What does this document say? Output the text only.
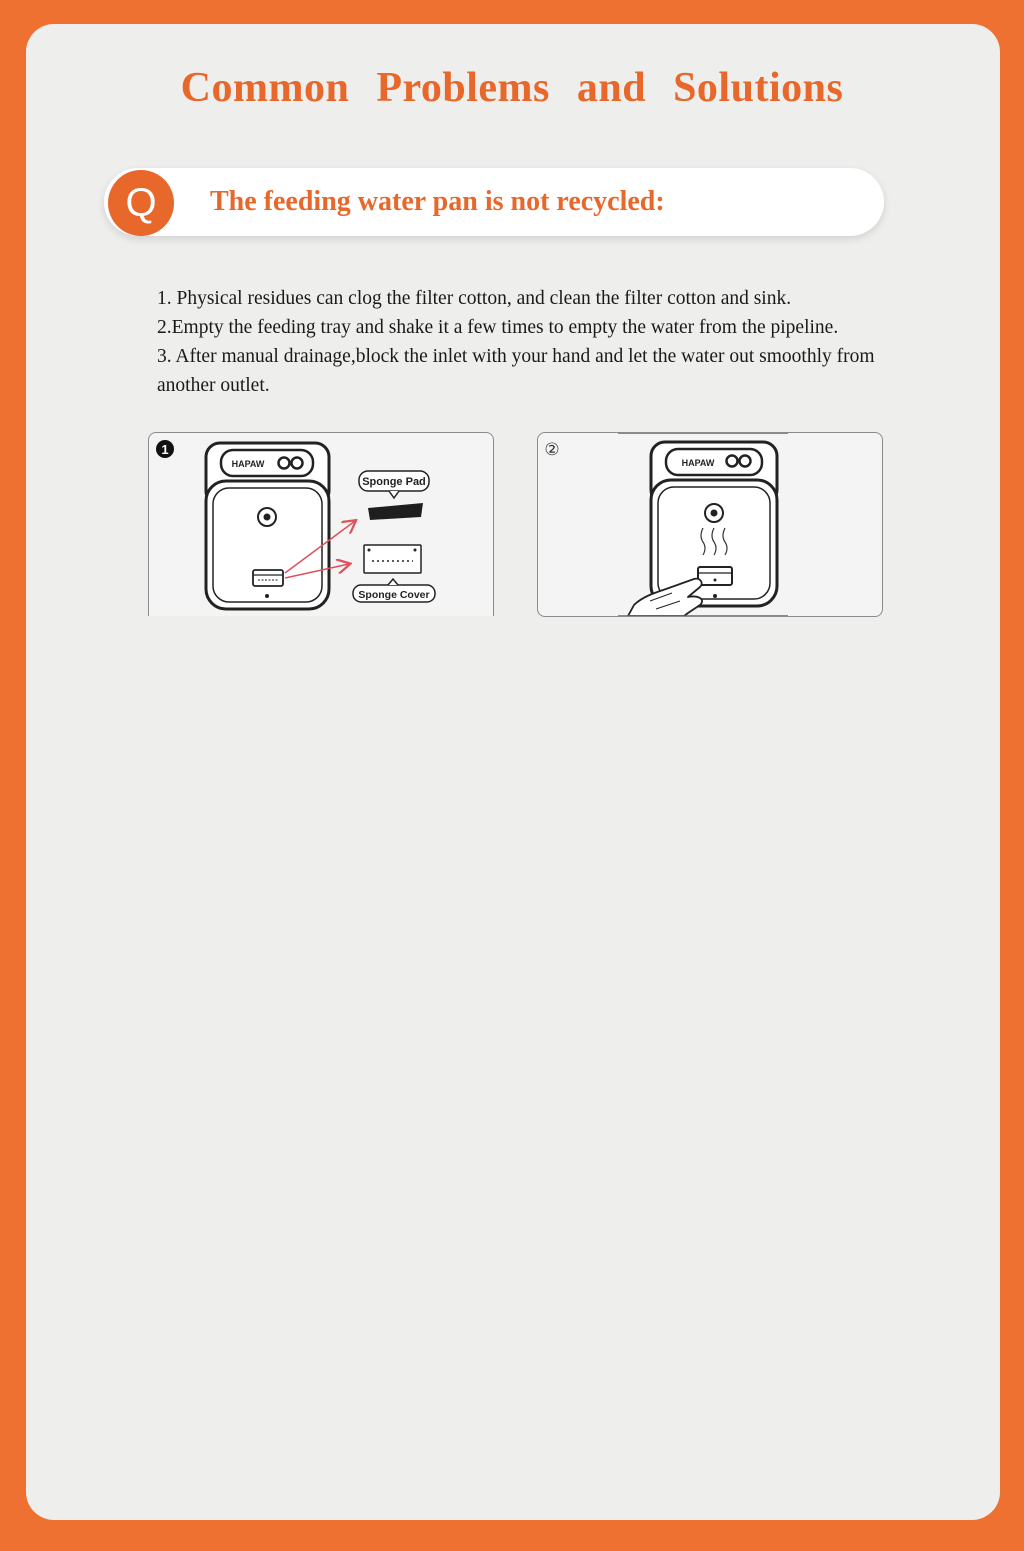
Common Problems and Solutions
Q	The feeding water pan is not recycled:

1. Physical residues can clog the filter cotton, and clean the filter cotton and sink.

2.Empty the feeding tray and shake it a few times to empty the water from the pipeline.

3. After manual drainage,block the inlet with your hand and let the water out smoothly from another outlet.

1
HAPAW
Sponge Pad
Sponge Cover
②
HAPAW
